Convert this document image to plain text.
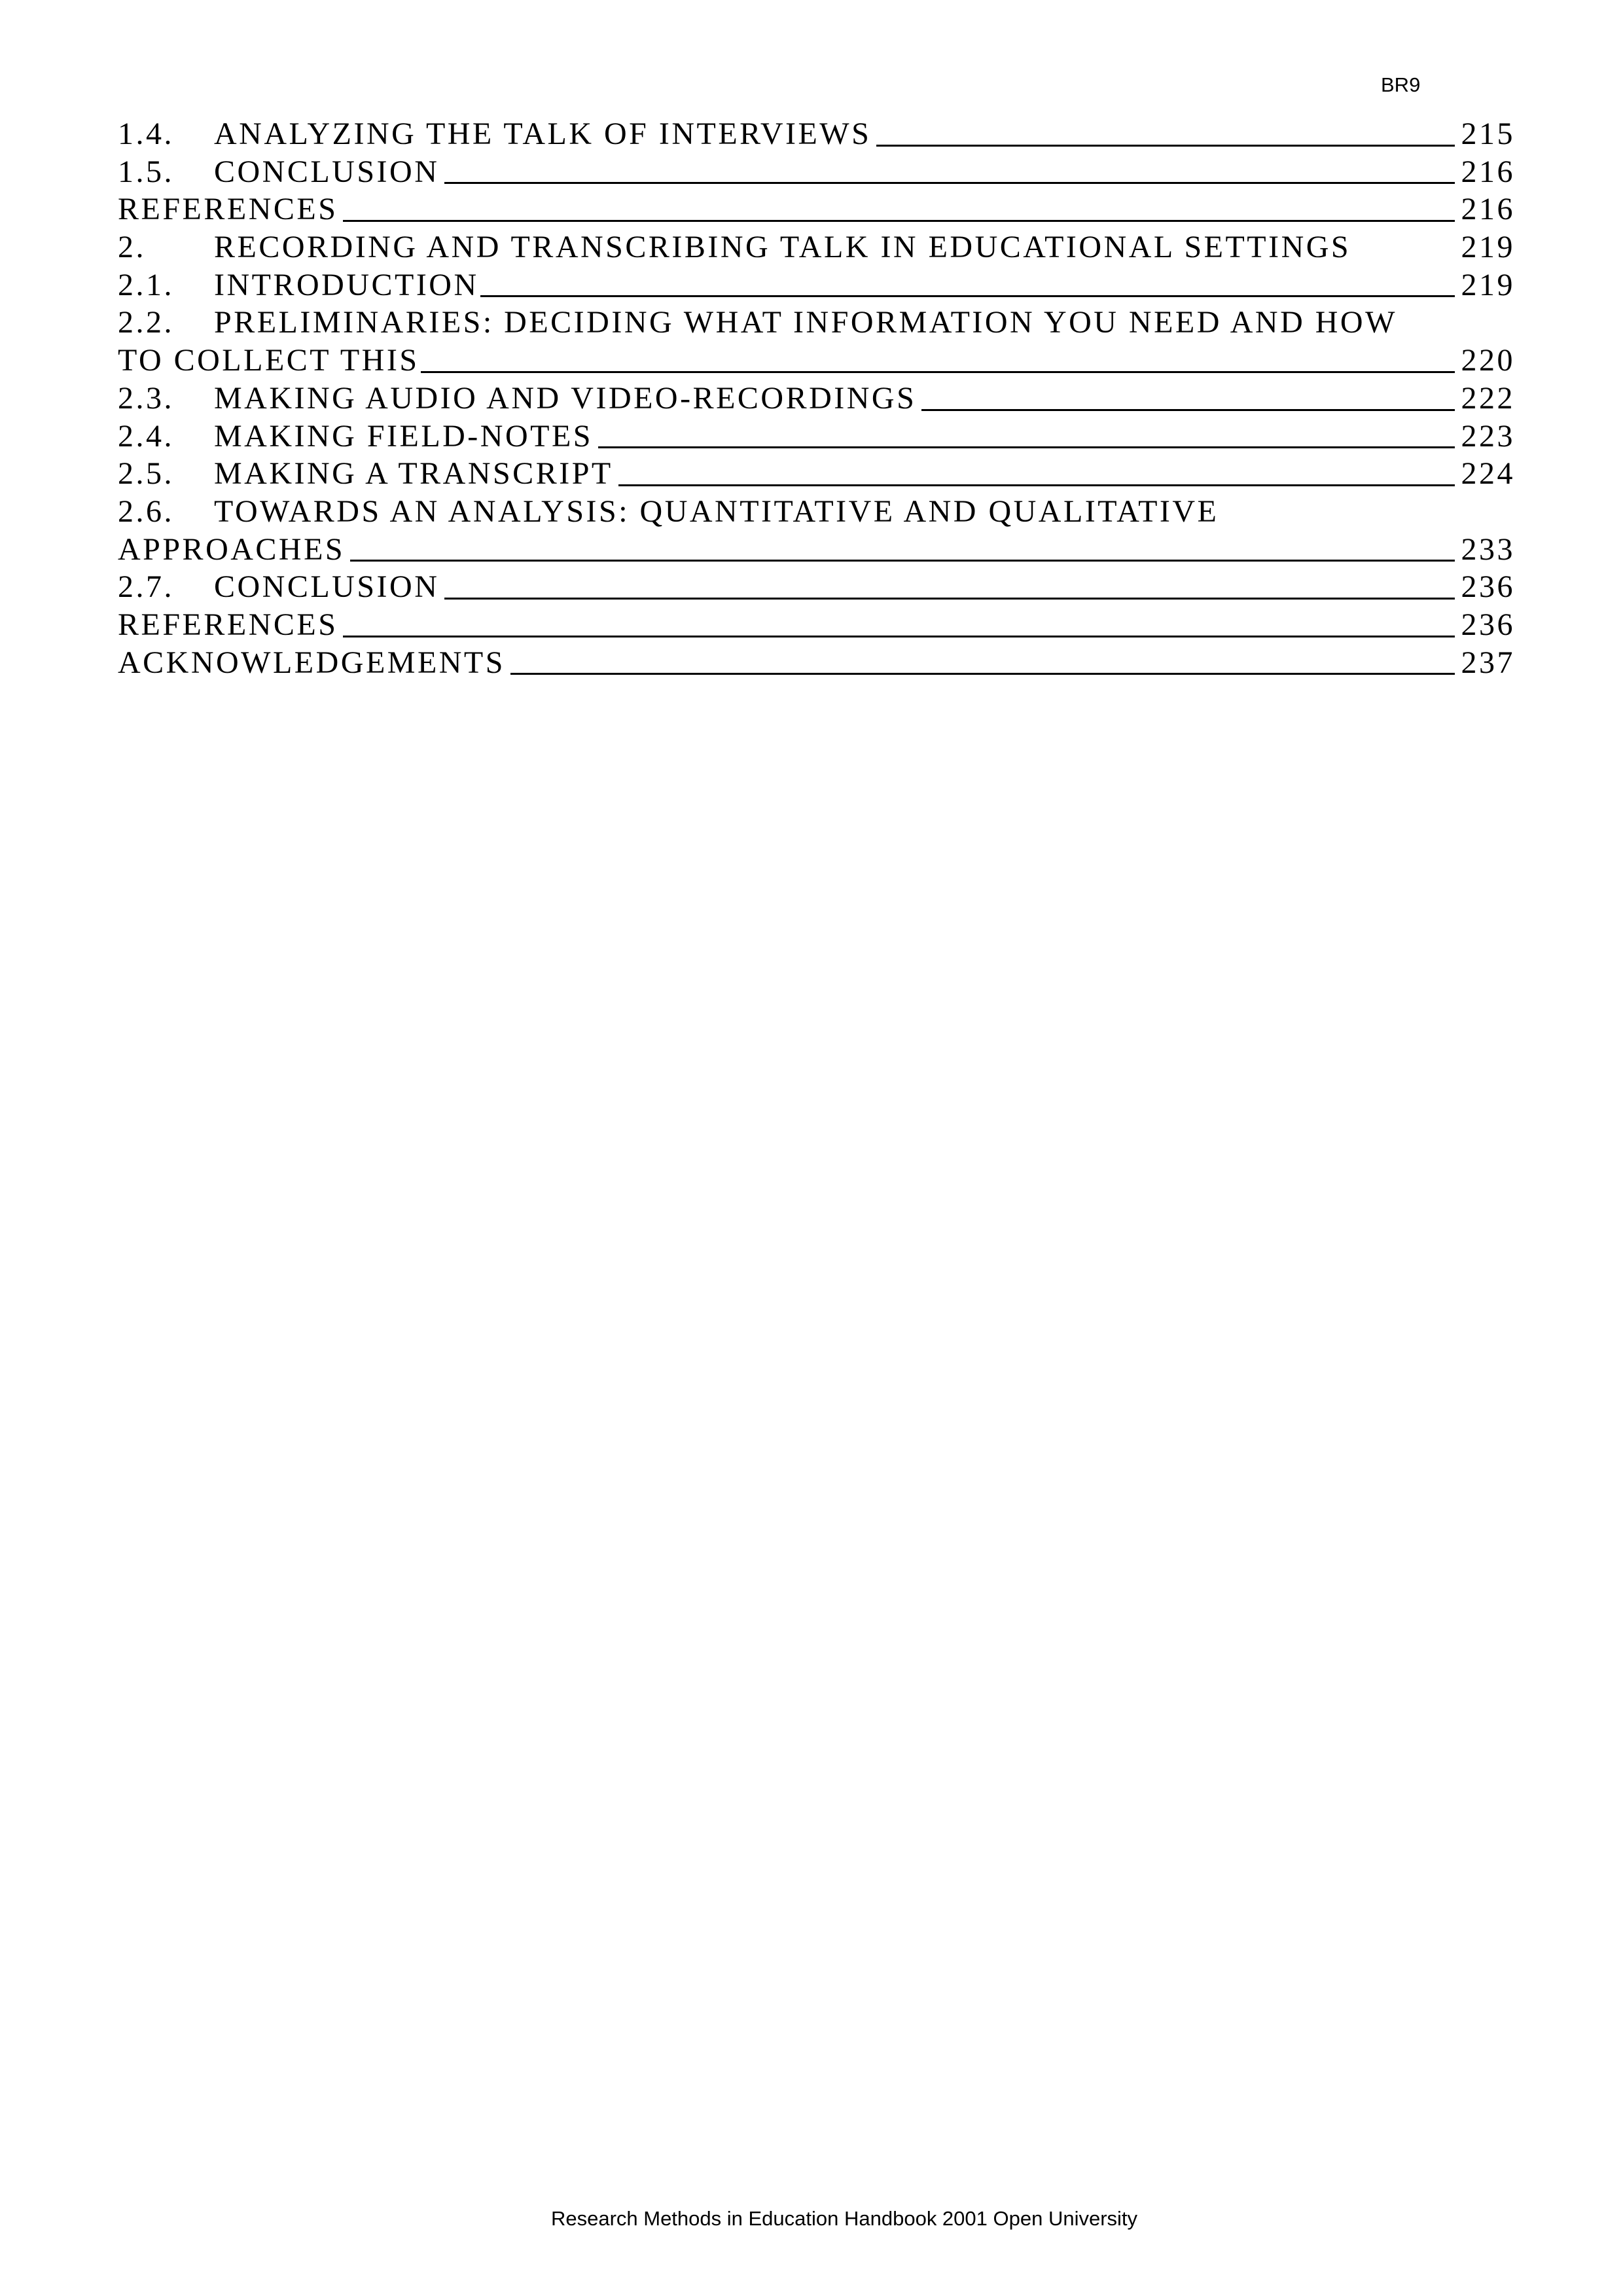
BR9
1.4.	ANALYZING THE TALK OF INTERVIEWS	215
1.5.	CONCLUSION	216
REFERENCES	216
2.	RECORDING AND TRANSCRIBING TALK IN EDUCATIONAL SETTINGS	219
2.1.	INTRODUCTION	219
2.2.	PRELIMINARIES: DECIDING WHAT INFORMATION YOU NEED AND HOW
TO COLLECT THIS	220
2.3.	MAKING AUDIO AND VIDEO-RECORDINGS	222
2.4.	MAKING FIELD-NOTES	223
2.5.	MAKING A TRANSCRIPT	224
2.6.	TOWARDS AN ANALYSIS: QUANTITATIVE AND QUALITATIVE
APPROACHES	233
2.7.	CONCLUSION	236
REFERENCES	236
ACKNOWLEDGEMENTS	237
Research Methods in Education Handbook 2001 Open University
